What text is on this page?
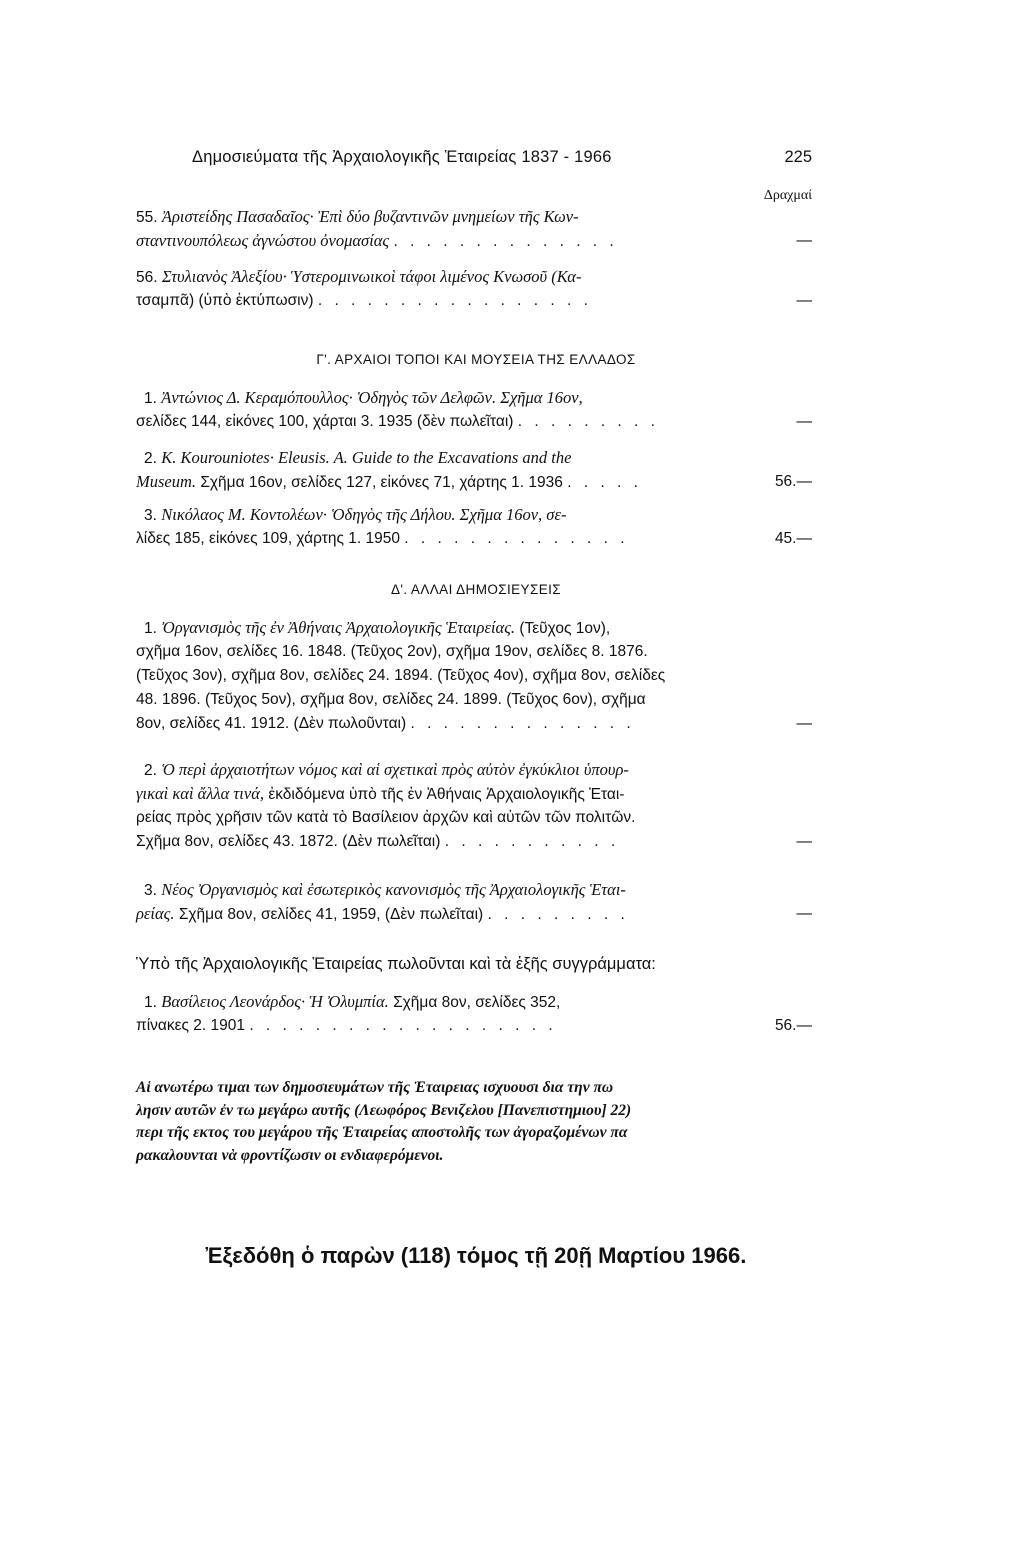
Δημοσιεύματα τῆς Ἀρχαιολογικῆς Ἑταιρείας 1837 - 1966	225
Δραχμαί
55. Ἀριστείδης Πασαδαῖος· Ἐπὶ δύο βυζαντινῶν μνημείων τῆς Κων-
σταντινουπόλεως ἀγνώστου ὀνομασίας . . . . . . . . . . . . . .	—
56. Στυλιανὸς Ἀλεξίου· Ὑστερομινωικοὶ τάφοι λιμένος Κνωσοῦ (Κα-
τσαμπᾶ) (ὑπὸ ἐκτύπωσιν) . . . . . . . . . . . . . . . . .	—
Γ'. ΑΡΧΑΙΟΙ ΤΟΠΟΙ ΚΑΙ ΜΟΥΣΕΙΑ ΤΗΣ ΕΛΛΑΔΟΣ
1. Ἀντώνιος Δ. Κεραμόπουλλος· Ὁδηγὸς τῶν Δελφῶν. Σχῆμα 16ον,
σελίδες 144, εἰκόνες 100, χάρται 3. 1935 (δὲν πωλεῖται) . . . . . . . . .	—
2. K. Kourouniotes· Eleusis. A. Guide to the Excavations and the
Museum. Σχῆμα 16ον, σελίδες 127, εἰκόνες 71, χάρτης 1. 1936 . . . . .	56.—
3. Νικόλαος Μ. Κοντολέων· Ὁδηγὸς τῆς Δήλου. Σχῆμα 16ον, σε-
λίδες 185, εἰκόνες 109, χάρτης 1. 1950 . . . . . . . . . . . . . .	45.—
Δ'. ΑΛΛΑΙ ΔΗΜΟΣΙΕΥΣΕΙΣ
1. Ὀργανισμὸς τῆς ἐν Ἀθήναις Ἀρχαιολογικῆς Ἑταιρείας. (Τεῦχος 1ον),
σχῆμα 16ον, σελίδες 16. 1848. (Τεῦχος 2ον), σχῆμα 19ον, σελίδες 8. 1876.
(Τεῦχος 3ον), σχῆμα 8ον, σελίδες 24. 1894. (Τεῦχος 4ον), σχῆμα 8ον, σελίδες
48. 1896. (Τεῦχος 5ον), σχῆμα 8ον, σελίδες 24. 1899. (Τεῦχος 6ον), σχῆμα
8ον, σελίδες 41. 1912. (Δὲν πωλοῦνται) . . . . . . . . . . . . . .	—
2. Ὁ περὶ ἀρχαιοτήτων νόμος καὶ αἱ σχετικαὶ πρὸς αὐτὸν ἐγκύκλιοι ὑπουρ-
γικαὶ καὶ ἄλλα τινά, ἐκδιδόμενα ὑπὸ τῆς ἐν Ἀθήναις Ἀρχαιολογικῆς Ἑται-
ρείας πρὸς χρῆσιν τῶν κατὰ τὸ Βασίλειον ἀρχῶν καὶ αὐτῶν τῶν πολιτῶν.
Σχῆμα 8ον, σελίδες 43. 1872. (Δὲν πωλεῖται) . . . . . . . . . . .	—
3. Νέος Ὀργανισμὸς καὶ ἐσωτερικὸς κανονισμὸς τῆς Ἀρχαιολογικῆς Ἑται-
ρείας. Σχῆμα 8ον, σελίδες 41, 1959, (Δὲν πωλεῖται) . . . . . . . . .	—
Ὑπὸ τῆς Ἀρχαιολογικῆς Ἑταιρείας πωλοῦνται καὶ τὰ ἑξῆς συγγράμματα:
1. Βασίλειος Λεονάρδος· Ἡ Ὀλυμπία. Σχῆμα 8ον, σελίδες 352,
πίνακες 2. 1901 . . . . . . . . . . . . . . . . . . .	56.—
Αἱ ανωτέρω τιμαι των δημοσιευμάτων τῆς Ἑταιρειας ισχυουσι δια την πω
λησιν αυτῶν ἐν τω μεγάρω αυτῆς (Λεωφόρος Βενιζελου [Πανεπιστημιου] 22)
περι τῆς εκτος του μεγάρου τῆς Ἑταιρείας αποστολῆς των ἀγοραζομένων πα
ρακαλουνται νὰ φροντίζωσιν οι ενδιαφερόμενοι.
Ἐξεδόθη ὁ παρὼν (118) τόμος τῇ 20ῇ Μαρτίου 1966.
